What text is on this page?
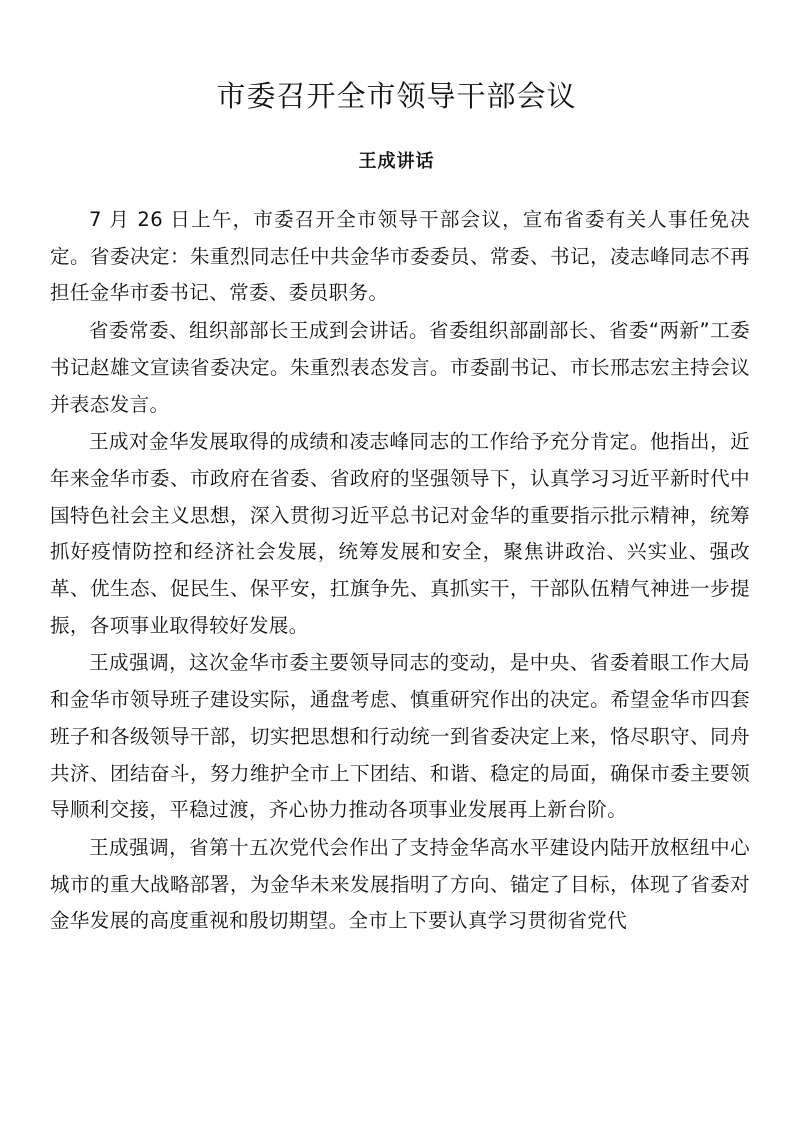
市委召开全市领导干部会议
王成讲话

7 月 26 日上午，市委召开全市领导干部会议，宣布省委有关人事任免决定。省委决定：朱重烈同志任中共金华市委委员、常委、书记，凌志峰同志不再担任金华市委书记、常委、委员职务。

省委常委、组织部部长王成到会讲话。省委组织部副部长、省委“两新”工委书记赵雄文宣读省委决定。朱重烈表态发言。市委副书记、市长邢志宏主持会议并表态发言。

王成对金华发展取得的成绩和凌志峰同志的工作给予充分肯定。他指出，近年来金华市委、市政府在省委、省政府的坚强领导下，认真学习习近平新时代中国特色社会主义思想，深入贯彻习近平总书记对金华的重要指示批示精神，统筹抓好疫情防控和经济社会发展，统筹发展和安全，聚焦讲政治、兴实业、强改革、优生态、促民生、保平安，扛旗争先、真抓实干，干部队伍精气神进一步提振，各项事业取得较好发展。

王成强调，这次金华市委主要领导同志的变动，是中央、省委着眼工作大局和金华市领导班子建设实际，通盘考虑、慎重研究作出的决定。希望金华市四套班子和各级领导干部，切实把思想和行动统一到省委决定上来，恪尽职守、同舟共济、团结奋斗，努力维护全市上下团结、和谐、稳定的局面，确保市委主要领导顺利交接，平稳过渡，齐心协力推动各项事业发展再上新台阶。

王成强调，省第十五次党代会作出了支持金华高水平建设内陆开放枢纽中心城市的重大战略部署，为金华未来发展指明了方向、锚定了目标，体现了省委对金华发展的高度重视和殷切期望。全市上下要认真学习贯彻省党代
